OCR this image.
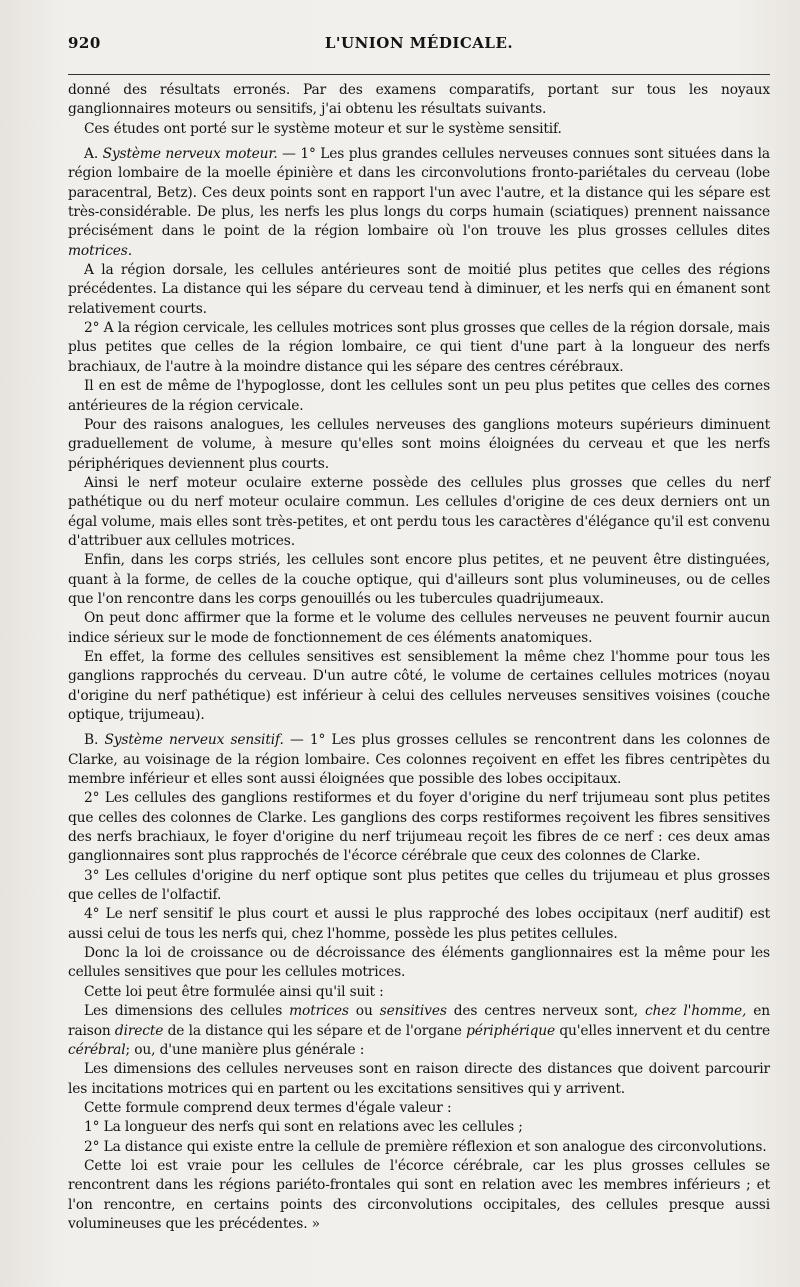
920	L'UNION MÉDICALE.

donné des résultats erronés. Par des examens comparatifs, portant sur tous les noyaux ganglionnaires moteurs ou sensitifs, j'ai obtenu les résultats suivants.

Ces études ont porté sur le système moteur et sur le système sensitif.

A. Système nerveux moteur. — 1° Les plus grandes cellules nerveuses connues sont situées dans la région lombaire de la moelle épinière et dans les circonvolutions fronto-pariétales du cerveau (lobe paracentral, Betz). Ces deux points sont en rapport l'un avec l'autre, et la distance qui les sépare est très-considérable. De plus, les nerfs les plus longs du corps humain (sciatiques) prennent naissance précisément dans le point de la région lombaire où l'on trouve les plus grosses cellules dites motrices.

A la région dorsale, les cellules antérieures sont de moitié plus petites que celles des régions précédentes. La distance qui les sépare du cerveau tend à diminuer, et les nerfs qui en émanent sont relativement courts.

2° A la région cervicale, les cellules motrices sont plus grosses que celles de la région dorsale, mais plus petites que celles de la région lombaire, ce qui tient d'une part à la longueur des nerfs brachiaux, de l'autre à la moindre distance qui les sépare des centres cérébraux.

Il en est de même de l'hypoglosse, dont les cellules sont un peu plus petites que celles des cornes antérieures de la région cervicale.

Pour des raisons analogues, les cellules nerveuses des ganglions moteurs supérieurs diminuent graduellement de volume, à mesure qu'elles sont moins éloignées du cerveau et que les nerfs périphériques deviennent plus courts.

Ainsi le nerf moteur oculaire externe possède des cellules plus grosses que celles du nerf pathétique ou du nerf moteur oculaire commun. Les cellules d'origine de ces deux derniers ont un égal volume, mais elles sont très-petites, et ont perdu tous les caractères d'élégance qu'il est convenu d'attribuer aux cellules motrices.

Enfin, dans les corps striés, les cellules sont encore plus petites, et ne peuvent être distinguées, quant à la forme, de celles de la couche optique, qui d'ailleurs sont plus volumineuses, ou de celles que l'on rencontre dans les corps genouillés ou les tubercules quadrijumeaux.

On peut donc affirmer que la forme et le volume des cellules nerveuses ne peuvent fournir aucun indice sérieux sur le mode de fonctionnement de ces éléments anatomiques.

En effet, la forme des cellules sensitives est sensiblement la même chez l'homme pour tous les ganglions rapprochés du cerveau. D'un autre côté, le volume de certaines cellules motrices (noyau d'origine du nerf pathétique) est inférieur à celui des cellules nerveuses sensitives voisines (couche optique, trijumeau).

B. Système nerveux sensitif. — 1° Les plus grosses cellules se rencontrent dans les colonnes de Clarke, au voisinage de la région lombaire. Ces colonnes reçoivent en effet les fibres centripètes du membre inférieur et elles sont aussi éloignées que possible des lobes occipitaux.

2° Les cellules des ganglions restiformes et du foyer d'origine du nerf trijumeau sont plus petites que celles des colonnes de Clarke. Les ganglions des corps restiformes reçoivent les fibres sensitives des nerfs brachiaux, le foyer d'origine du nerf trijumeau reçoit les fibres de ce nerf : ces deux amas ganglionnaires sont plus rapprochés de l'écorce cérébrale que ceux des colonnes de Clarke.

3° Les cellules d'origine du nerf optique sont plus petites que celles du trijumeau et plus grosses que celles de l'olfactif.

4° Le nerf sensitif le plus court et aussi le plus rapproché des lobes occipitaux (nerf auditif) est aussi celui de tous les nerfs qui, chez l'homme, possède les plus petites cellules.

Donc la loi de croissance ou de décroissance des éléments ganglionnaires est la même pour les cellules sensitives que pour les cellules motrices.

Cette loi peut être formulée ainsi qu'il suit :

Les dimensions des cellules motrices ou sensitives des centres nerveux sont, chez l'homme, en raison directe de la distance qui les sépare et de l'organe périphérique qu'elles innervent et du centre cérébral; ou, d'une manière plus générale :

Les dimensions des cellules nerveuses sont en raison directe des distances que doivent parcourir les incitations motrices qui en partent ou les excitations sensitives qui y arrivent.

Cette formule comprend deux termes d'égale valeur :

1° La longueur des nerfs qui sont en relations avec les cellules ;

2° La distance qui existe entre la cellule de première réflexion et son analogue des circonvolutions.

Cette loi est vraie pour les cellules de l'écorce cérébrale, car les plus grosses cellules se rencontrent dans les régions pariéto-frontales qui sont en relation avec les membres inférieurs ; et l'on rencontre, en certains points des circonvolutions occipitales, des cellules presque aussi volumineuses que les précédentes. »
